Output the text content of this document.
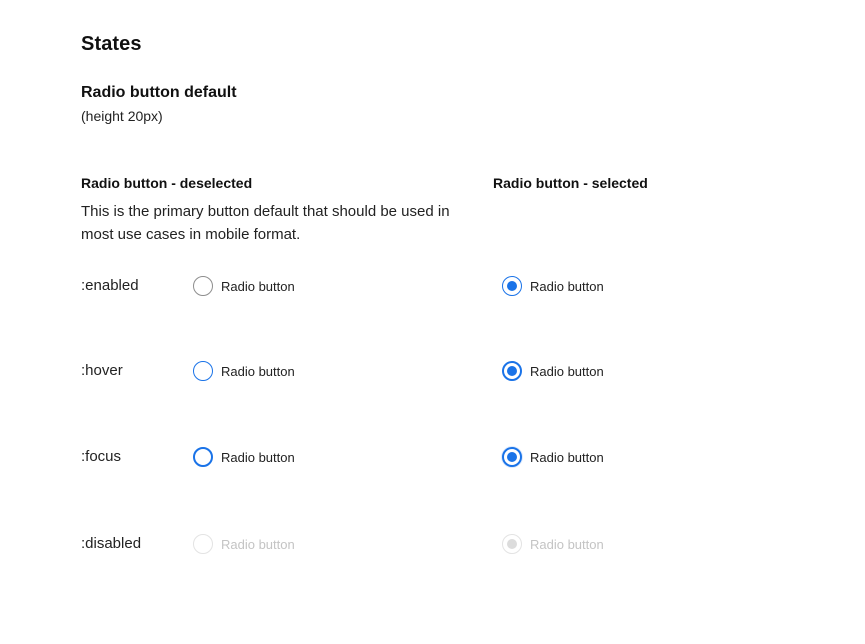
States
Radio button default
(height 20px)
Radio button - deselected
This is the primary button default that should be used in most use cases in mobile format.
Radio button - selected
:enabled	Radio button	Radio button
:hover	Radio button	Radio button
:focus	Radio button	Radio button
:disabled	Radio button	Radio button
